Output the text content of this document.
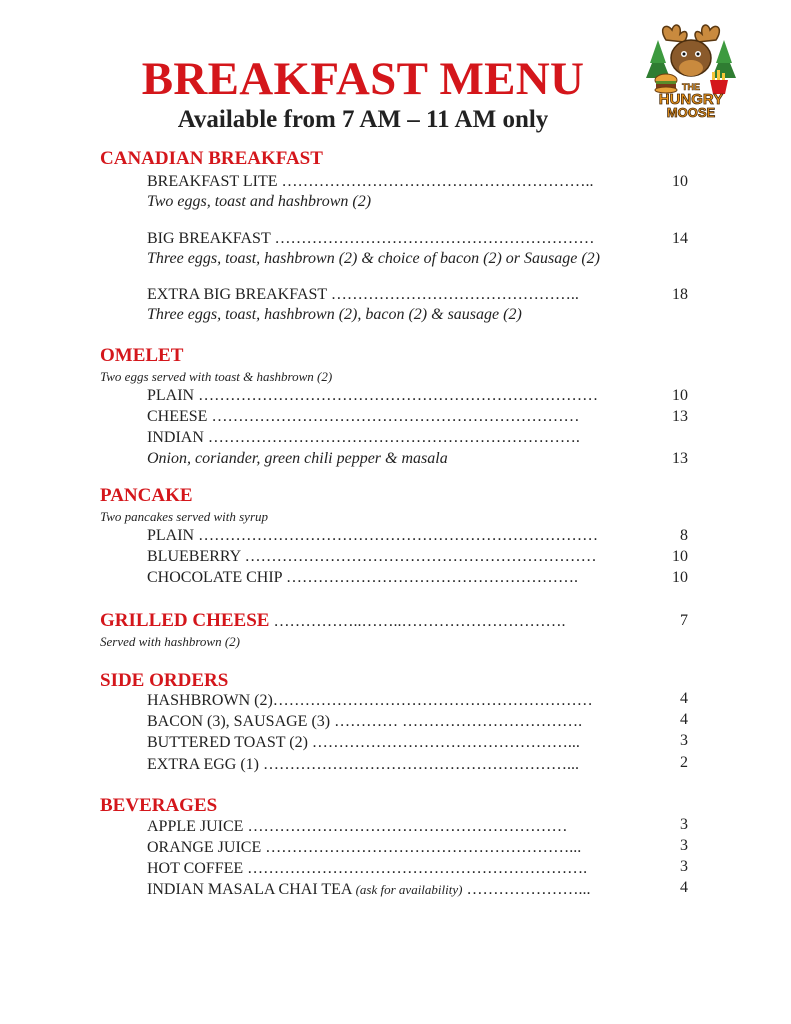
THE
HUNGRY
MOOSE
BREAKFAST MENU
Available from 7 AM – 11 AM only
CANADIAN BREAKFAST
BREAKFAST LITE …………………………………………………..	10
Two eggs, toast and hashbrown (2)
BIG BREAKFAST ……………………………………………………	14
Three eggs, toast, hashbrown (2) & choice of bacon (2) or Sausage (2)
EXTRA BIG BREAKFAST ………………………………………..	18
Three eggs, toast, hashbrown (2), bacon (2) & sausage (2)
OMELET
Two eggs served with toast & hashbrown (2)
PLAIN …………………………………………………………………	10
CHEESE ……………………………………………………………	13
INDIAN …………………………………………………………….
Onion, coriander, green chili pepper & masala	13
PANCAKE
Two pancakes served with syrup
PLAIN …………………………………………………………………	8
BLUEBERRY …………………………………………………………	10
CHOCOLATE CHIP ……………………………………………….	10
GRILLED CHEESE ……………..……..………………………….	7
Served with hashbrown (2)
SIDE ORDERS
HASHBROWN (2)……………………………………………………	4
BACON (3), SAUSAGE (3) ………… …………………………….	4
BUTTERED TOAST (2) …………………………………………...	3
EXTRA EGG (1) …………………………………………………...	2
BEVERAGES
APPLE JUICE ……………………………………………………	3
ORANGE JUICE …………………………………………………...	3
HOT COFFEE ……………………………………………………….	3
INDIAN MASALA CHAI TEA (ask for availability) …………………...	4
